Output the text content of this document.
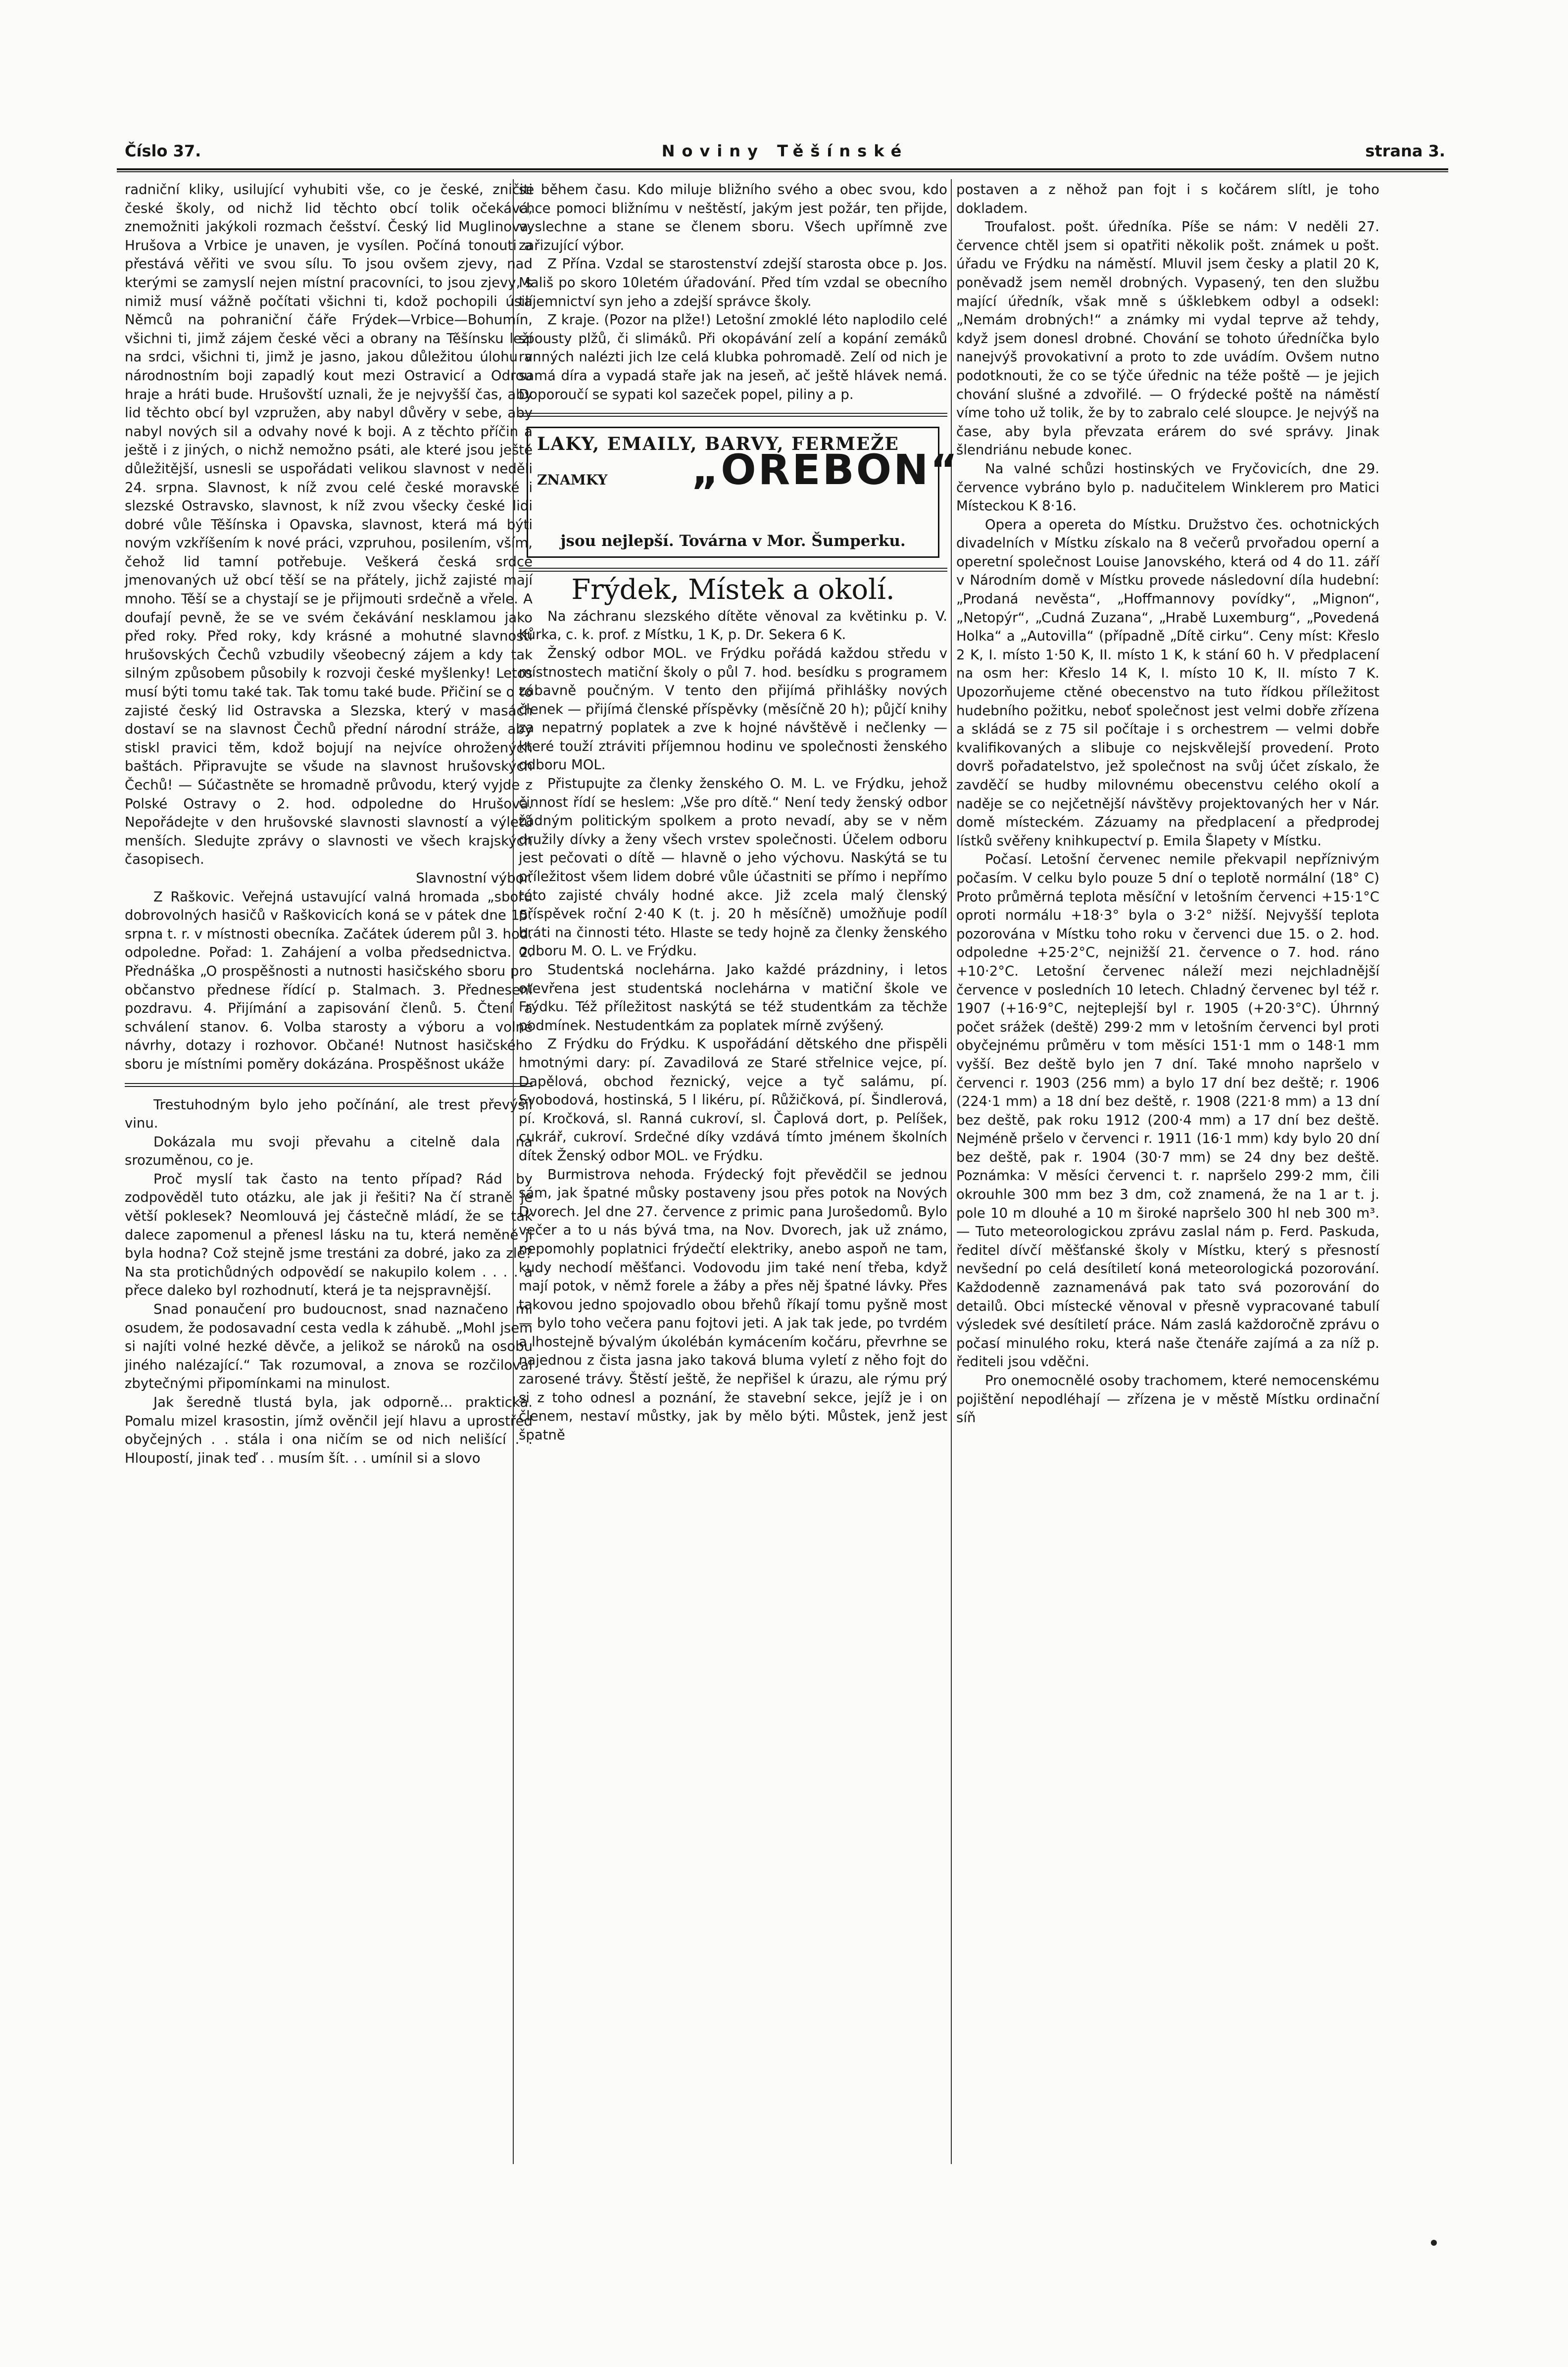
Číslo 37.	Noviny Těšínské	strana 3.

radniční kliky, usilující vyhubiti vše, co je české, zničiti české školy, od nichž lid těchto obcí tolik očekává, znemožniti jakýkoli rozmach češství. Český lid Muglinova, Hrušova a Vrbice je unaven, je vysílen. Počíná tonouti a přestává věřiti ve svou sílu. To jsou ovšem zjevy, nad kterými se zamyslí nejen místní pracovníci, to jsou zjevy, s nimiž musí vážně počítati všichni ti, kdož pochopili úsilí Němců na pohraniční čáře Frýdek—Vrbice—Bohumín, všichni ti, jimž zájem české věci a obrany na Těšínsku leží na srdci, všichni ti, jimž je jasno, jakou důležitou úlohu v národnostním boji zapadlý kout mezi Ostravicí a Odrou hraje a hráti bude. Hrušovští uznali, že je nejvyšší čas, aby lid těchto obcí byl vzpružen, aby nabyl důvěry v sebe, aby nabyl nových sil a odvahy nové k boji. A z těchto příčin a ještě i z jiných, o nichž nemožno psáti, ale které jsou ještě důležitější, usnesli se uspořádati velikou slavnost v neděli 24. srpna. Slavnost, k níž zvou celé české moravské i slezské Ostravsko, slavnost, k níž zvou všecky české lidi dobré vůle Těšínska i Opavska, slavnost, která má býti novým vzkříšením k nové práci, vzpruhou, posilením, vším, čehož lid tamní potřebuje. Veškerá česká srdce jmenovaných už obcí těší se na přátely, jichž zajisté mají mnoho. Těší se a chystají se je přijmouti srdečně a vřele. A doufají pevně, že se ve svém čekávání nesklamou jako před roky. Před roky, kdy krásné a mohutné slavnosti hrušovských Čechů vzbudily všeobecný zájem a kdy tak silným způsobem působily k rozvoji české myšlenky! Letos musí býti tomu také tak. Tak tomu také bude. Přičiní se o to zajisté český lid Ostravska a Slezska, který v masách dostaví se na slavnost Čechů přední národní stráže, aby stiskl pravici těm, kdož bojují na nejvíce ohrožených baštách. Připravujte se všude na slavnost hrušovských Čechů! — Súčastněte se hromadně průvodu, který vyjde z Polské Ostravy o 2. hod. odpoledne do Hrušova. Nepořádejte v den hrušovské slavnosti slavností a výletů menších. Sledujte zprávy o slavnosti ve všech krajských časopisech.

Slavnostní výbor.

Z Raškovic. Veřejná ustavující valná hromada „sboru dobrovolných hasičů v Raškovicích koná se v pátek dne 15. srpna t. r. v místnosti obecníka. Začátek úderem půl 3. hod. odpoledne. Pořad: 1. Zahájení a volba předsednictva. 2. Přednáška „O prospěšnosti a nutnosti hasičského sboru pro občanstvo přednese řídící p. Stalmach. 3. Přednesení pozdravu. 4. Přijímání a zapisování členů. 5. Čtení a schválení stanov. 6. Volba starosty a výboru a volné návrhy, dotazy i rozhovor. Občané! Nutnost hasičského sboru je místními poměry dokázána. Prospěšnost ukáže

Trestuhodným bylo jeho počínání, ale trest převýšil vinu.

Dokázala mu svoji převahu a citelně dala na srozuměnou, co je.

Proč myslí tak často na tento případ? Rád by zodpověděl tuto otázku, ale jak ji řešiti? Na čí straně je větší poklesek? Neomlouvá jej částečně mládí, že se tak dalece zapomenul a přenesl lásku na tu, která neměně ji byla hodna? Což stejně jsme trestáni za dobré, jako za zlé? Na sta protichůdných odpovědí se nakupilo kolem . . . . a přece daleko byl rozhodnutí, která je ta nejspravnější.

Snad ponaučení pro budoucnost, snad naznačeno mi osudem, že podosavadní cesta vedla k záhubě. „Mohl jsem si najíti volné hezké děvče, a jelikož se nároků na osobu jiného nalézající.“ Tak rozumoval, a znova se rozčiloval zbytečnými připomínkami na minulost.

Jak šeredně tlustá byla, jak odporně... praktická. Pomalu mizel krasostin, jímž ověnčil její hlavu a uprostřed obyčejných . . stála i ona ničím se od nich nelišící . . Hloupostí, jinak teď . . musím šít. . . umínil si a slovo

se během času. Kdo miluje bližního svého a obec svou, kdo chce pomoci bližnímu v neštěstí, jakým jest požár, ten přijde, vyslechne a stane se členem sboru. Všech upřímně zve zařizující výbor.

Z Přína. Vzdal se starostenství zdejší starosta obce p. Jos. Mališ po skoro 10letém úřadování. Před tím vzdal se obecního tajemnictví syn jeho a zdejší správce školy.

Z kraje. (Pozor na plže!) Letošní zmoklé léto naplodilo celé spousty plžů, či slimáků. Při okopávání zelí a kopání zemáků ranných nalézti jich lze celá klubka pohromadě. Zelí od nich je samá díra a vypadá staře jak na jeseň, ač ještě hlávek nemá. Doporoučí se sypati kol sazeček popel, piliny a p.

LAKY, EMAILY, BARVY, FERMEŽE
ZNAMKY „OREBON“
jsou nejlepší. Továrna v Mor. Šumperku.
Frýdek, Místek a okolí.

Na záchranu slezského dítěte věnoval za květinku p. V. Kůrka, c. k. prof. z Místku, 1 K, p. Dr. Sekera 6 K.

Ženský odbor MOL. ve Frýdku pořádá každou středu v místnostech matiční školy o půl 7. hod. besídku s programem zábavně poučným. V tento den přijímá přihlášky nových členek — přijímá členské příspěvky (měsíčně 20 h); půjčí knihy za nepatrný poplatek a zve k hojné návštěvě i nečlenky — které touží ztráviti příjemnou hodinu ve společnosti ženského odboru MOL.

Přistupujte za členky ženského O. M. L. ve Frýdku, jehož činnost řídí se heslem: „Vše pro dítě.“ Není tedy ženský odbor žádným politickým spolkem a proto nevadí, aby se v něm družily dívky a ženy všech vrstev společnosti. Účelem odboru jest pečovati o dítě — hlavně o jeho výchovu. Naskýtá se tu příležitost všem lidem dobré vůle účastniti se přímo i nepřímo této zajisté chvály hodné akce. Již zcela malý členský příspěvek roční 2·40 K (t. j. 20 h měsíčně) umožňuje podíl bráti na činnosti této. Hlaste se tedy hojně za členky ženského odboru M. O. L. ve Frýdku.

Studentská noclehárna. Jako každé prázdniny, i letos otevřena jest studentská noclehárna v matiční škole ve Frýdku. Též příležitost naskýtá se též studentkám za těchže podmínek. Nestudentkám za poplatek mírně zvýšený.

Z Frýdku do Frýdku. K uspořádání dětského dne přispěli hmotnými dary: pí. Zavadilová ze Staré střelnice vejce, pí. Dapělová, obchod řeznický, vejce a tyč salámu, pí. Svobodová, hostinská, 5 l likéru, pí. Růžičková, pí. Šindlerová, pí. Kročková, sl. Ranná cukroví, sl. Čaplová dort, p. Pelíšek, cukrář, cukroví. Srdečné díky vzdává tímto jménem školních dítek Ženský odbor MOL. ve Frýdku.

Burmistrova nehoda. Frýdecký fojt převědčil se jednou sám, jak špatné můsky postaveny jsou přes potok na Nových Dvorech. Jel dne 27. července z primic pana Jurošedomů. Bylo večer a to u nás bývá tma, na Nov. Dvorech, jak už známo, nepomohly poplatnici frýdečtí elektriky, anebo aspoň ne tam, kudy nechodí měšťanci. Vodovodu jim také není třeba, když mají potok, v němž forele a žáby a přes něj špatné lávky. Přes takovou jedno spojovadlo obou břehů říkají tomu pyšně most — bylo toho večera panu fojtovi jeti. A jak tak jede, po tvrdém a lhostejně bývalým úkolébán kymácením kočáru, převrhne se najednou z čista jasna jako taková bluma vyletí z něho fojt do zarosené trávy. Štěstí ještě, že nepřišel k úrazu, ale rýmu prý si z toho odnesl a poznání, že stavební sekce, jejíž je i on členem, nestaví můstky, jak by mělo býti. Můstek, jenž jest špatně

postaven a z něhož pan fojt i s kočárem slítl, je toho dokladem.

Troufalost. pošt. úředníka. Píše se nám: V neděli 27. července chtěl jsem si opatřiti několik pošt. známek u pošt. úřadu ve Frýdku na náměstí. Mluvil jsem česky a platil 20 K, poněvadž jsem neměl drobných. Vypasený, ten den službu mající úředník, však mně s úšklebkem odbyl a odsekl: „Nemám drobných!“ a známky mi vydal teprve až tehdy, když jsem donesl drobné. Chování se tohoto úředníčka bylo nanejvýš provokativní a proto to zde uvádím. Ovšem nutno podotknouti, že co se týče úřednic na téže poště — je jejich chování slušné a zdvořilé. — O frýdecké poště na náměstí víme toho už tolik, že by to zabralo celé sloupce. Je nejvýš na čase, aby byla převzata erárem do své správy. Jinak šlendriánu nebude konec.

Na valné schůzi hostinských ve Fryčovicích, dne 29. července vybráno bylo p. nadučitelem Winklerem pro Matici Místeckou K 8·16.

Opera a opereta do Místku. Družstvo čes. ochotnických divadelních v Místku získalo na 8 večerů prvořadou operní a operetní společnost Louise Janovského, která od 4 do 11. září v Národním domě v Místku provede následovní díla hudební: „Prodaná nevěsta“, „Hoffmannovy povídky“, „Mignon“, „Netopýr“, „Cudná Zuzana“, „Hrabě Luxemburg“, „Povedená Holka“ a „Autovilla“ (případně „Dítě cirku“. Ceny míst: Křeslo 2 K, I. místo 1·50 K, II. místo 1 K, k stání 60 h. V předplacení na osm her: Křeslo 14 K, I. místo 10 K, II. místo 7 K. Upozorňujeme ctěné obecenstvo na tuto řídkou příležitost hudebního požitku, neboť společnost jest velmi dobře zřízena a skládá se z 75 sil počítaje i s orchestrem — velmi dobře kvalifikovaných a slibuje co nejskvělejší provedení. Proto dovrš pořadatelstvo, jež společnost na svůj účet získalo, že zavděčí se hudby milovnému obecenstvu celého okolí a naděje se co nejčetnější návštěvy projektovaných her v Nár. domě místeckém. Zázuamy na předplacení a předprodej lístků svěřeny knihkupectví p. Emila Šlapety v Místku.

Počasí. Letošní červenec nemile překvapil nepříznivým počasím. V celku bylo pouze 5 dní o teplotě normální (18° C) Proto průměrná teplota měsíční v letošním červenci +15·1°C oproti normálu +18·3° byla o 3·2° nižší. Nejvyšší teplota pozorována v Místku toho roku v červenci due 15. o 2. hod. odpoledne +25·2°C, nejnižší 21. července o 7. hod. ráno +10·2°C. Letošní červenec náleží mezi nejchladnější července v posledních 10 letech. Chladný červenec byl též r. 1907 (+16·9°C, nejteplejší byl r. 1905 (+20·3°C). Úhrnný počet srážek (deště) 299·2 mm v letošním červenci byl proti obyčejnému průměru v tom měsíci 151·1 mm o 148·1 mm vyšší. Bez deště bylo jen 7 dní. Také mnoho napršelo v červenci r. 1903 (256 mm) a bylo 17 dní bez deště; r. 1906 (224·1 mm) a 18 dní bez deště, r. 1908 (221·8 mm) a 13 dní bez deště, pak roku 1912 (200·4 mm) a 17 dní bez deště. Nejméně pršelo v červenci r. 1911 (16·1 mm) kdy bylo 20 dní bez deště, pak r. 1904 (30·7 mm) se 24 dny bez deště. Poznámka: V měsíci červenci t. r. napršelo 299·2 mm, čili okrouhle 300 mm bez 3 dm, což znamená, že na 1 ar t. j. pole 10 m dlouhé a 10 m široké napršelo 300 hl neb 300 m³. — Tuto meteorologickou zprávu zaslal nám p. Ferd. Paskuda, ředitel dívčí měšťanské školy v Místku, který s přesností nevšední po celá desítiletí koná meteorologická pozorování. Každodenně zaznamenává pak tato svá pozorování do detailů. Obci místecké věnoval v přesně vypracované tabulí výsledek své desítiletí práce. Nám zaslá každoročně zprávu o počasí minulého roku, která naše čtenáře zajímá a za níž p. řediteli jsou vděčni.

Pro onemocnělé osoby trachomem, které nemocenskému pojištění nepodléhají — zřízena je v městě Místku ordinační síň
